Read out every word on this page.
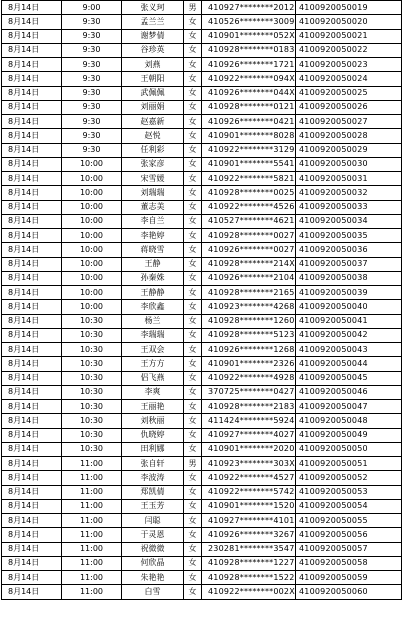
8月14日	9:00	张义珂	男	410927********2012	4100920050019
8月14日	9:30	孟兰兰	女	410526********3009	4100920050020
8月14日	9:30	谢梦倩	女	410901********052X	4100920050021
8月14日	9:30	谷珍英	女	410928********0183	4100920050022
8月14日	9:30	刘燕	女	410926********1721	4100920050023
8月14日	9:30	王朝阳	女	410922********094X	4100920050024
8月14日	9:30	武佩佩	女	410926********044X	4100920050025
8月14日	9:30	刘丽娟	女	410928********0121	4100920050026
8月14日	9:30	赵嘉新	女	410926********0421	4100920050027
8月14日	9:30	赵悦	女	410901********8028	4100920050028
8月14日	9:30	任利彩	女	410922********3129	4100920050029
8月14日	10:00	张家彦	女	410901********5541	4100920050030
8月14日	10:00	宋雪媛	女	410922********5821	4100920050031
8月14日	10:00	刘瑞瑞	女	410928********0025	4100920050032
8月14日	10:00	董志美	女	410922********4526	4100920050033
8月14日	10:00	李自兰	女	410527********4621	4100920050034
8月14日	10:00	李艳婷	女	410928********0027	4100920050035
8月14日	10:00	蒋晓雪	女	410926********0027	4100920050036
8月14日	10:00	王静	女	410928********214X	4100920050037
8月14日	10:00	孙秦姝	女	410926********2104	4100920050038
8月14日	10:00	王静静	女	410928********2165	4100920050039
8月14日	10:00	李欣鑫	女	410923********4268	4100920050040
8月14日	10:30	杨兰	女	410928********1260	4100920050041
8月14日	10:30	李瑞瑞	女	410928********5123	4100920050042
8月14日	10:30	王双会	女	410926********1268	4100920050043
8月14日	10:30	王方方	女	410901********2326	4100920050044
8月14日	10:30	侣飞燕	女	410922********4928	4100920050045
8月14日	10:30	李爽	女	370725********0427	4100920050046
8月14日	10:30	王丽艳	女	410928********2183	4100920050047
8月14日	10:30	刘秋丽	女	411424********5924	4100920050048
8月14日	10:30	仇晓婷	女	410927********4027	4100920050049
8月14日	10:30	田利娜	女	410901********2020	4100920050050
8月14日	11:00	张自轩	男	410923********303X	4100920050051
8月14日	11:00	李波涛	女	410922********4527	4100920050052
8月14日	11:00	郑凯倩	女	410922********5742	4100920050053
8月14日	11:00	王玉芳	女	410901********1520	4100920050054
8月14日	11:00	闫聪	女	410927********4101	4100920050055
8月14日	11:00	于灵恩	女	410926********3267	4100920050056
8月14日	11:00	祝微微	女	230281********3547	4100920050057
8月14日	11:00	何欣晶	女	410928********1227	4100920050058
8月14日	11:00	朱艳艳	女	410928********1522	4100920050059
8月14日	11:00	白雪	女	410922********002X	4100920050060
